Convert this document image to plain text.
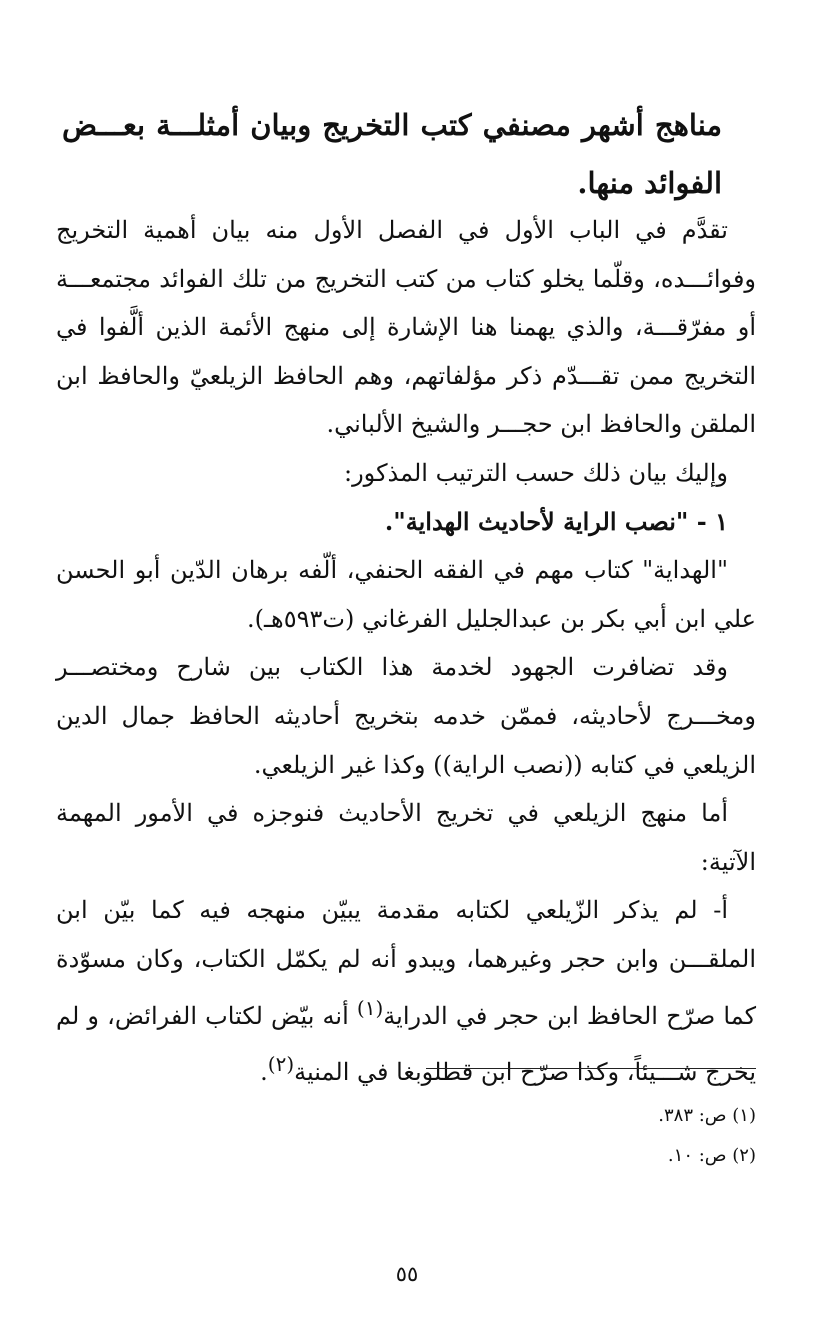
مناهج أشهر مصنفي كتب التخريج وبيان أمثلـــة بعـــض الفوائد منها.

تقدَّم في الباب الأول في الفصل الأول منه بيان أهمية التخريج وفوائـــده، وقلّما يخلو كتاب من كتب التخريج من تلك الفوائد مجتمعـــة أو مفرّقـــة، والذي يهمنا هنا الإشارة إلى منهج الأئمة الذين ألَّفوا في التخريج ممن تقـــدّم ذكر مؤلفاتهم، وهم الحافظ الزيلعيّ والحافظ ابن الملقن والحافظ ابن حجـــر والشيخ الألباني.

وإليك بيان ذلك حسب الترتيب المذكور:

١ - "نصب الراية لأحاديث الهداية".

"الهداية" كتاب مهم في الفقه الحنفي، ألّفه برهان الدّين أبو الحسن علي ابن أبي بكر بن عبدالجليل الفرغاني (ت٥٩٣هـ).

وقد تضافرت الجهود لخدمة هذا الكتاب بين شارح ومختصـــر ومخـــرج لأحاديثه، فممّن خدمه بتخريج أحاديثه الحافظ جمال الدين الزيلعي في كتابه ((نصب الراية)) وكذا غير الزيلعي.

أما منهج الزيلعي في تخريج الأحاديث فنوجزه في الأمور المهمة الآتية:

أ- لم يذكر الزّيلعي لكتابه مقدمة يبيّن منهجه فيه كما بيّن ابن الملقـــن وابن حجر وغيرهما، ويبدو أنه لم يكمّل الكتاب، وكان مسوّدة كما صرّح الحافظ ابن حجر في الدراية$^{(١)}$ أنه بيّض لكتاب الفرائض، و لم يخرج شـــيئاً، وكذا صرّح ابن قطلوبغا في المنية$^{(٢)}$.

(١) ص: ٣٨٣.
(٢) ص: ١٠.
٥٥
